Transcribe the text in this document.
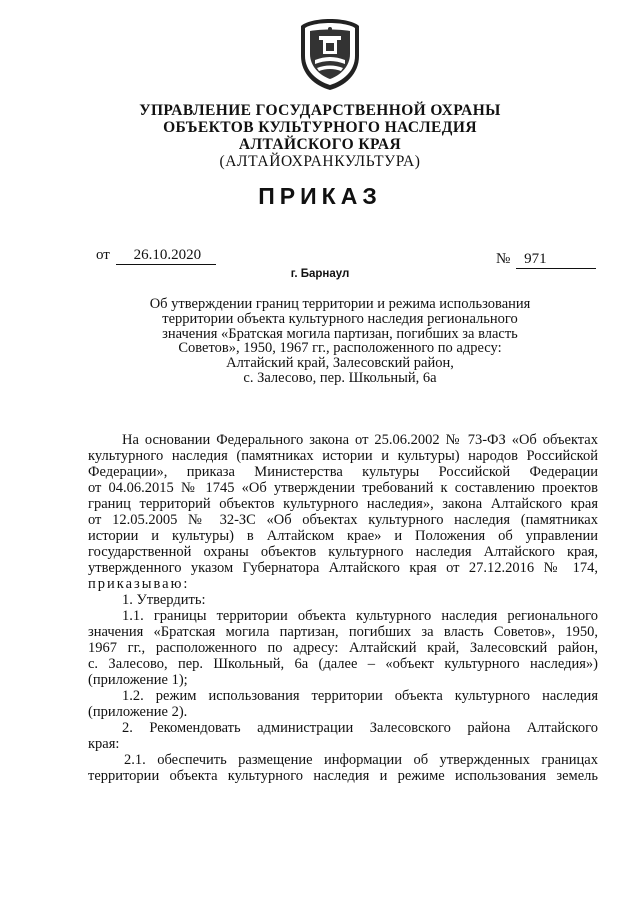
УПРАВЛЕНИЕ ГОСУДАРСТВЕННОЙ ОХРАНЫ
ОБЪЕКТОВ КУЛЬТУРНОГО НАСЛЕДИЯ
АЛТАЙСКОГО КРАЯ
(АЛТАЙОХРАНКУЛЬТУРА)
ПРИКАЗ
от 26.10.2020	№ 971
г. Барнаул
Об утверждении границ территории и режима использования
территории объекта культурного наследия регионального
значения «Братская могила партизан, погибших за власть
Советов», 1950, 1967 гг., расположенного по адресу:
Алтайский край, Залесовский район,
с. Залесово, пер. Школьный, 6а

На основании Федерального закона от 25.06.2002 № 73-ФЗ «Об объектах

культурного наследия (памятниках истории и культуры) народов Российской

Федерации», приказа Министерства культуры Российской Федерации

от 04.06.2015 № 1745 «Об утверждении требований к составлению проектов

границ территорий объектов культурного наследия», закона Алтайского края

от 12.05.2005 № 32-ЗС «Об объектах культурного наследия (памятниках

истории и культуры) в Алтайском крае» и Положения об управлении

государственной охраны объектов культурного наследия Алтайского края,

утвержденного указом Губернатора Алтайского края от 27.12.2016 № 174,

приказываю:

1. Утвердить:

1.1. границы территории объекта культурного наследия регионального

значения «Братская могила партизан, погибших за власть Советов», 1950,

1967 гг., расположенного по адресу: Алтайский край, Залесовский район,

с. Залесово, пер. Школьный, 6а (далее – «объект культурного наследия»)

(приложение 1);

1.2. режим использования территории объекта культурного наследия

(приложение 2).

2. Рекомендовать администрации Залесовского района Алтайского

края:

2.1. обеспечить размещение информации об утвержденных границах

территории объекта культурного наследия и режиме использования земель
